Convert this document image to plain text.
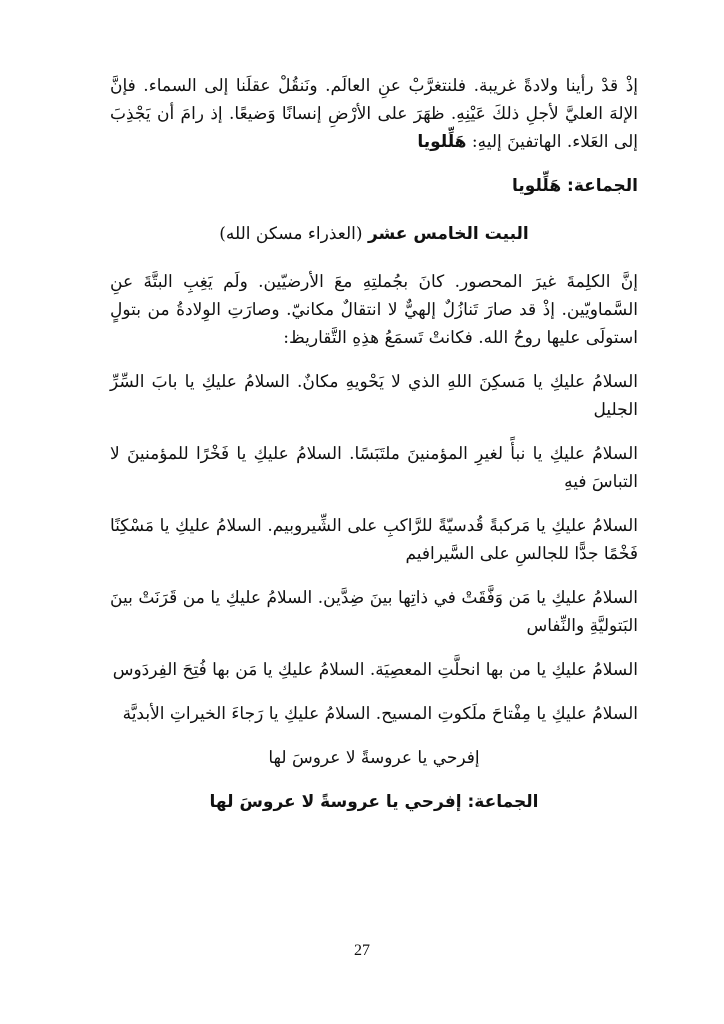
إذْ قدْ رأينا ولادةً غريبة. فلنتغرَّبْ عنِ العالَم. ونَنقُلْ عقلَنا إلى السماء. فإنَّ الإلهَ العليَّ لأجلِ ذلكَ عَيْنِهِ. ظهَرَ على الأرْضِ إنسانًا وَضيعًا. إذ رامَ أن يَجْذِبَ إلى العَلاء. الهاتفينَ إليهِ: هَلِّلويا

الجماعة: هَلِّلويا

البيت الخامس عشر (العذراء مسكن الله)

إنَّ الكلِمةَ غيرَ المحصور. كانَ بجُملتِهِ معَ الأرضيّين. ولَم يَغِبِ البتَّةَ عنِ السَّماويّين. إذْ قد صارَ تَنازُلٌ إلهيٌّ لا انتقالٌ مكانيّ. وصارَتِ الوِلادةُ من بتولٍ استولَى عليها روحُ الله. فكانتْ تَسمَعُ هذِهِ التَّقاريظ:

السلامُ عليكِ يا مَسكِنَ اللهِ الذي لا يَحْويهِ مكانٌ. السلامُ عليكِ يا بابَ السِّرِّ الجليل

السلامُ عليكِ يا نبأً لغيرِ المؤمنينَ ملتَبَسًا. السلامُ عليكِ يا فَخْرًا للمؤمنينَ لا التباسَ فيهِ

السلامُ عليكِ يا مَركبةً قُدسيّةً للرَّاكبِ على الشِّيروبيم. السلامُ عليكِ يا مَسْكِنًا فَخْمًا جدًّا للجالسِ على السَّيرافيم

السلامُ عليكِ يا مَن وَفَّقَتْ في ذاتِها بينَ ضِدَّين. السلامُ عليكِ يا من قَرَنَتْ بينَ البَتوليَّةِ والنِّفاس

السلامُ عليكِ يا من بها انحلَّتِ المعصِيَة. السلامُ عليكِ يا مَن بها فُتِحَ الفِردَوس

السلامُ عليكِ يا مِفْتاحَ ملَكوتِ المسيح. السلامُ عليكِ يا رَجاءَ الخيراتِ الأبديَّة

إفرحي يا عروسةً لا عروسَ لها

الجماعة: إفرحي يا عروسةً لا عروسَ لها

27
